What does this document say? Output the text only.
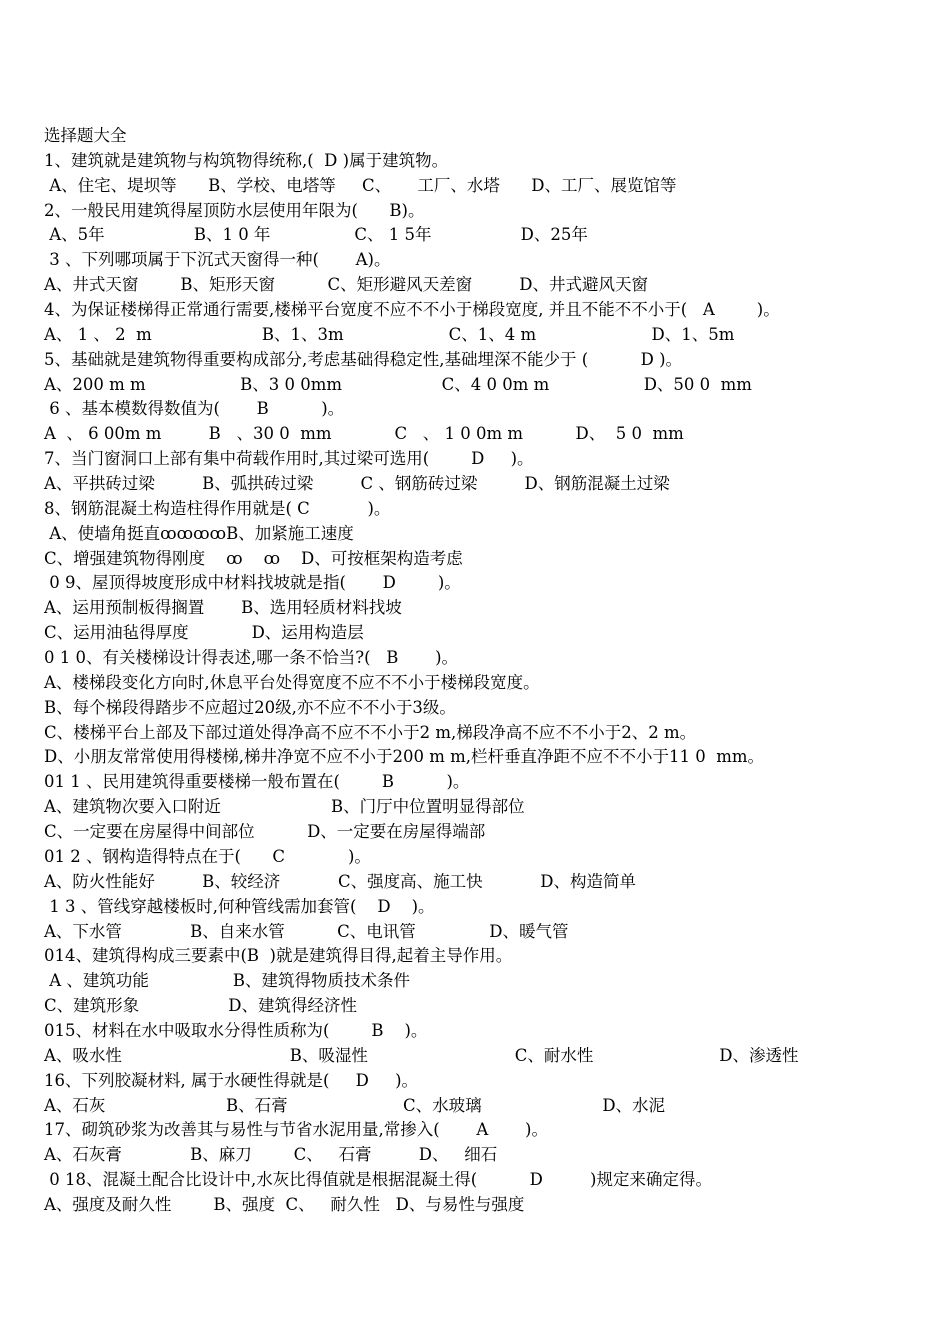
选择题大全
1、建筑就是建筑物与构筑物得统称,(  D )属于建筑物。
A、住宅、堤坝等      B、学校、电塔等     C、     工厂、水塔      D、工厂、展览馆等
2、一般民用建筑得屋顶防水层使用年限为(      B)。
A、5年                 B、1 0 年                C、 1 5年                 D、25年
3 、下列哪项属于下沉式天窗得一种(       A)。
A、井式天窗        B、矩形天窗          C、矩形避风天差窗         D、井式避风天窗
4、为保证楼梯得正常通行需要,楼梯平台宽度不应不不小于梯段宽度, 并且不能不不小于(   A        )。
A、 1 、 2  m                     B、1、3m                    C、1、4 m                      D、1、5m
5、基础就是建筑物得重要构成部分,考虑基础得稳定性,基础埋深不能少于 (          D )。
A、200 m m                  B、3 0 0mm                   C、4 0 0m m                  D、50 0  mm
6 、基本模数得数值为(       B          )。
A  、 6 00m m         B   、30 0  mm            C   、 1 0 0m m          D、  5 0  mm
7、当门窗洞口上部有集中荷载作用时,其过梁可选用(        D     )。
A、平拱砖过梁         B、弧拱砖过梁         C 、钢筋砖过梁         D、钢筋混凝土过梁
8、钢筋混凝土构造柱得作用就是( C           )。
A、使墙角挺直ꝏꝏꝏꝏB、加紧施工速度
C、增强建筑物得刚度    ꝏ    ꝏ    D、可按框架构造考虑
0 9、屋顶得坡度形成中材料找坡就是指(       D        )。
A、运用预制板得搁置       B、选用轻质材料找坡
C、运用油毡得厚度            D、运用构造层
0 1 0、有关楼梯设计得表述,哪一条不恰当?(   B       )。
A、楼梯段变化方向时,休息平台处得宽度不应不不小于楼梯段宽度。
B、每个梯段得踏步不应超过20级,亦不应不不小于3级。
C、楼梯平台上部及下部过道处得净高不应不不小于2 m,梯段净高不应不不小于2、2 m。
D、小朋友常常使用得楼梯,梯井净宽不应不小于200 m m,栏杆垂直净距不应不不小于11 0  mm。
01 1 、民用建筑得重要楼梯一般布置在(        B          )。
A、建筑物次要入口附近                     B、门厅中位置明显得部位
C、一定要在房屋得中间部位          D、一定要在房屋得端部
01 2 、钢构造得特点在于(      C            )。
A、防火性能好         B、较经济           C、强度高、施工快           D、构造简单
1 3 、管线穿越楼板时,何种管线需加套管(    D    )。
A、下水管             B、自来水管          C、电讯管              D、暖气管
014、建筑得构成三要素中(B  )就是建筑得目得,起着主导作用。
A 、建筑功能                B、建筑得物质技术条件
C、建筑形象                 D、建筑得经济性
015、材料在水中吸取水分得性质称为(        B    )。
A、吸水性                                B、吸湿性                            C、耐水性                        D、渗透性
16、下列胶凝材料, 属于水硬性得就是(     D     )。
A、石灰                       B、石膏                      C、水玻璃                       D、水泥
17、砌筑砂浆为改善其与易性与节省水泥用量,常掺入(       A       )。
A、石灰膏             B、麻刀        C、   石膏         D、   细石
0 18、混凝土配合比设计中,水灰比得值就是根据混凝土得(          D         )规定来确定得。
A、强度及耐久性        B、强度  C、   耐久性   D、与易性与强度
